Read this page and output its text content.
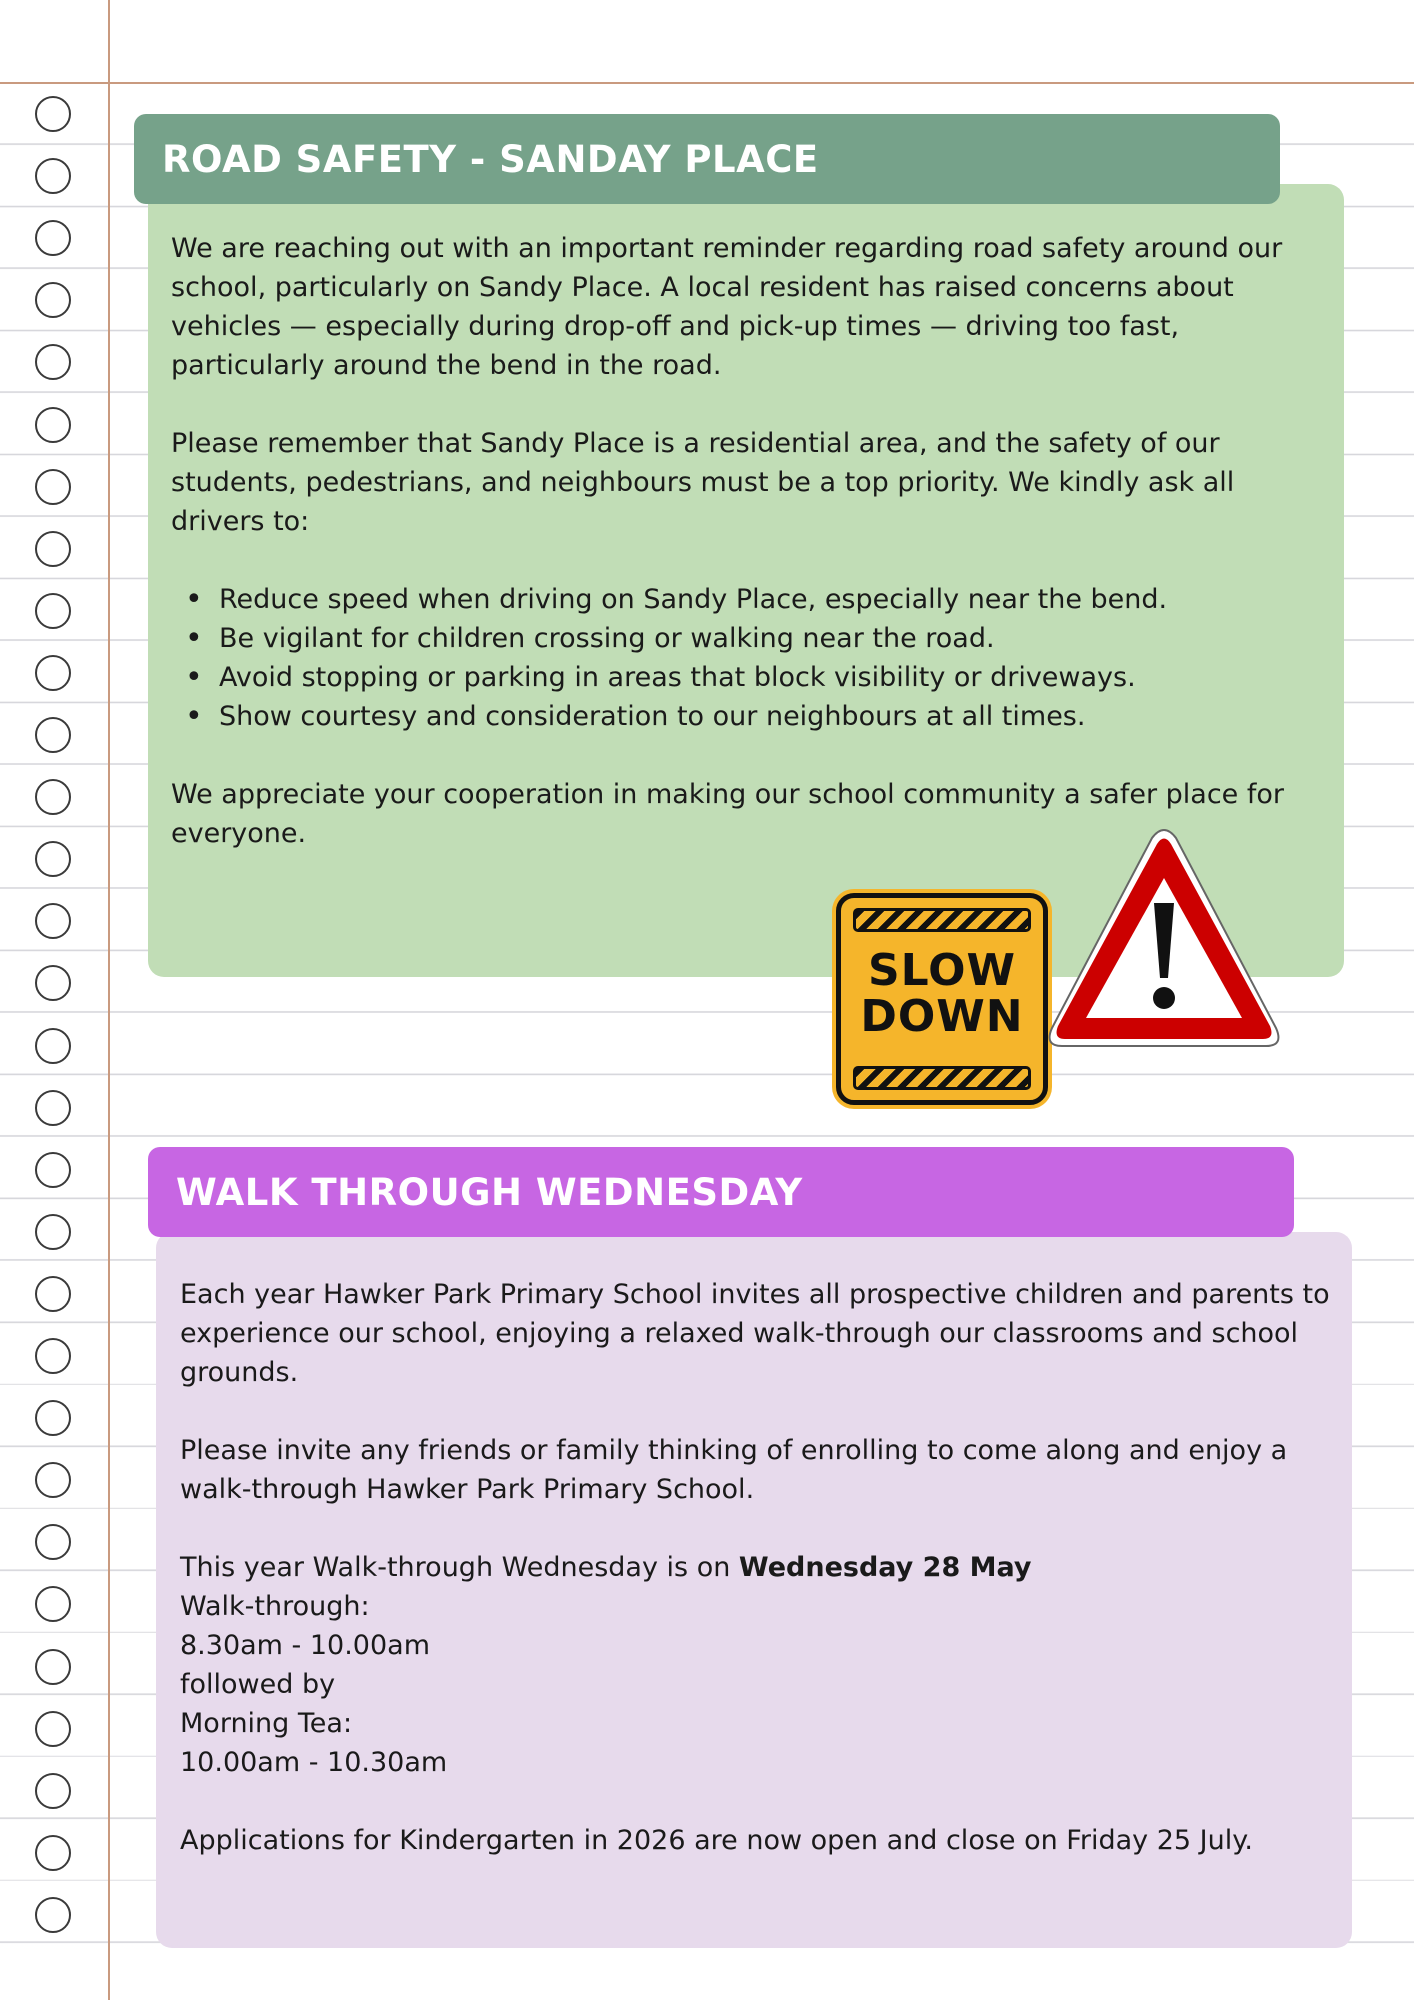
ROAD SAFETY - SANDAY PLACE

We are reaching out with an important reminder regarding road safety around our school, particularly on Sandy Place. A local resident has raised concerns about vehicles — especially during drop-off and pick-up times — driving too fast, particularly around the bend in the road.

Please remember that Sandy Place is a residential area, and the safety of our students, pedestrians, and neighbours must be a top priority. We kindly ask all drivers to:

• Reduce speed when driving on Sandy Place, especially near the bend.
• Be vigilant for children crossing or walking near the road.
• Avoid stopping or parking in areas that block visibility or driveways.
• Show courtesy and consideration to our neighbours at all times.

We appreciate your cooperation in making our school community a safer place for everyone.

SLOW
DOWN
WALK THROUGH WEDNESDAY

Each year Hawker Park Primary School invites all prospective children and parents to experience our school, enjoying a relaxed walk-through our classrooms and school grounds.

Please invite any friends or family thinking of enrolling to come along and enjoy a walk-through Hawker Park Primary School.

This year Walk-through Wednesday is on Wednesday 28 May

Walk-through:

8.30am - 10.00am

followed by

Morning Tea:

10.00am - 10.30am

Applications for Kindergarten in 2026 are now open and close on Friday 25 July.
